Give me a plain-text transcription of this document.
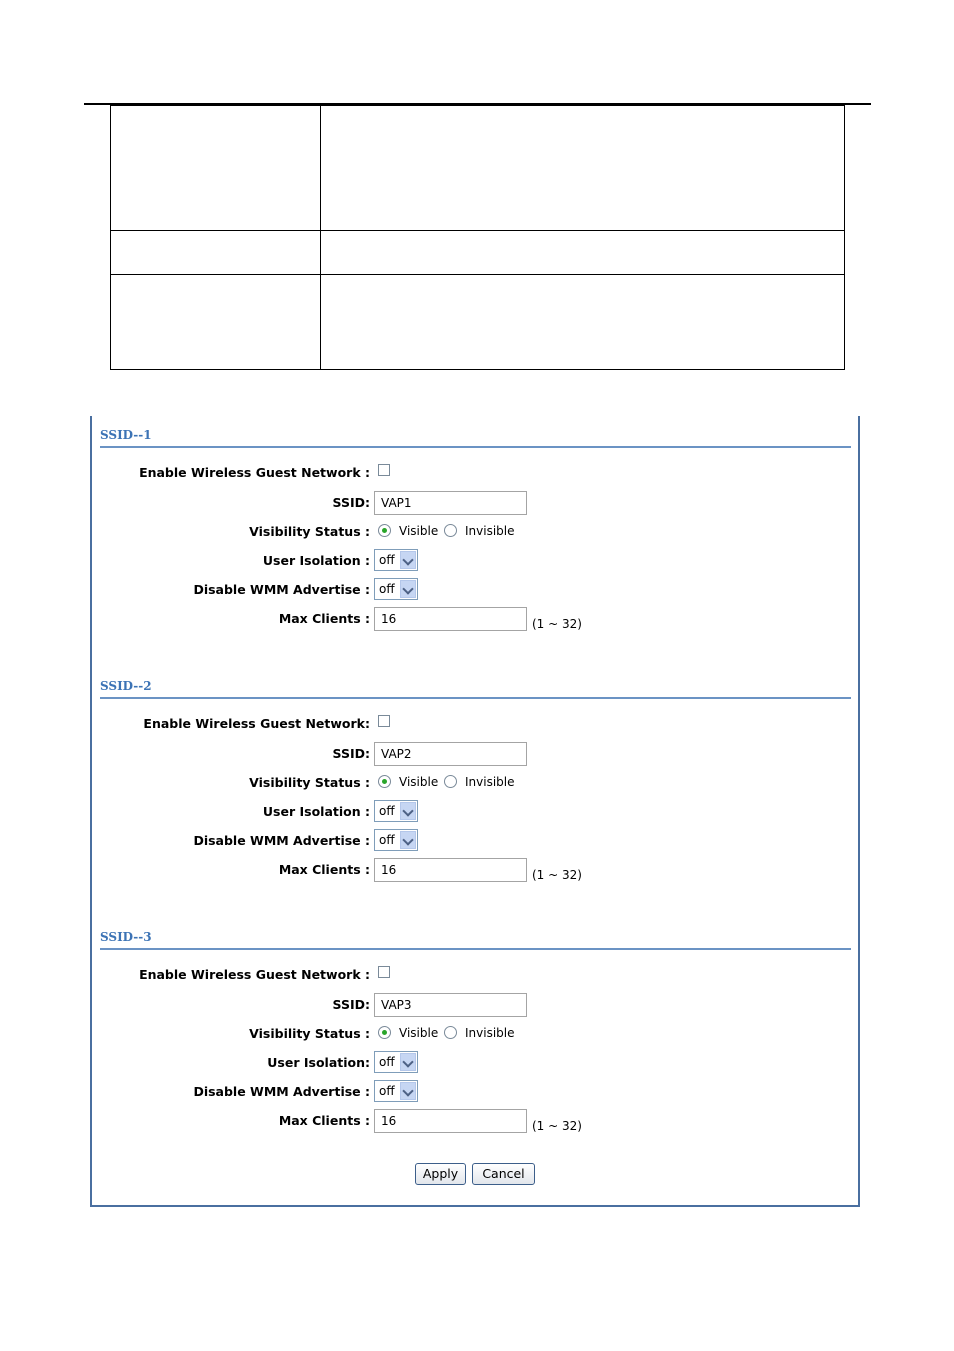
SSID--1
Enable Wireless Guest Network :
SSID:
VAP1
Visibility Status : Visible Invisible
User Isolation : off
Disable WMM Advertise : off
Max Clients :
16	(1 ~ 32)
SSID--2
Enable Wireless Guest Network:
SSID:
VAP2
Visibility Status : Visible Invisible
User Isolation : off
Disable WMM Advertise : off
Max Clients :
16	(1 ~ 32)
SSID--3
Enable Wireless Guest Network :
SSID:
VAP3
Visibility Status : Visible Invisible
User Isolation: off
Disable WMM Advertise : off
Max Clients :
16	(1 ~ 32)
Apply	Cancel
